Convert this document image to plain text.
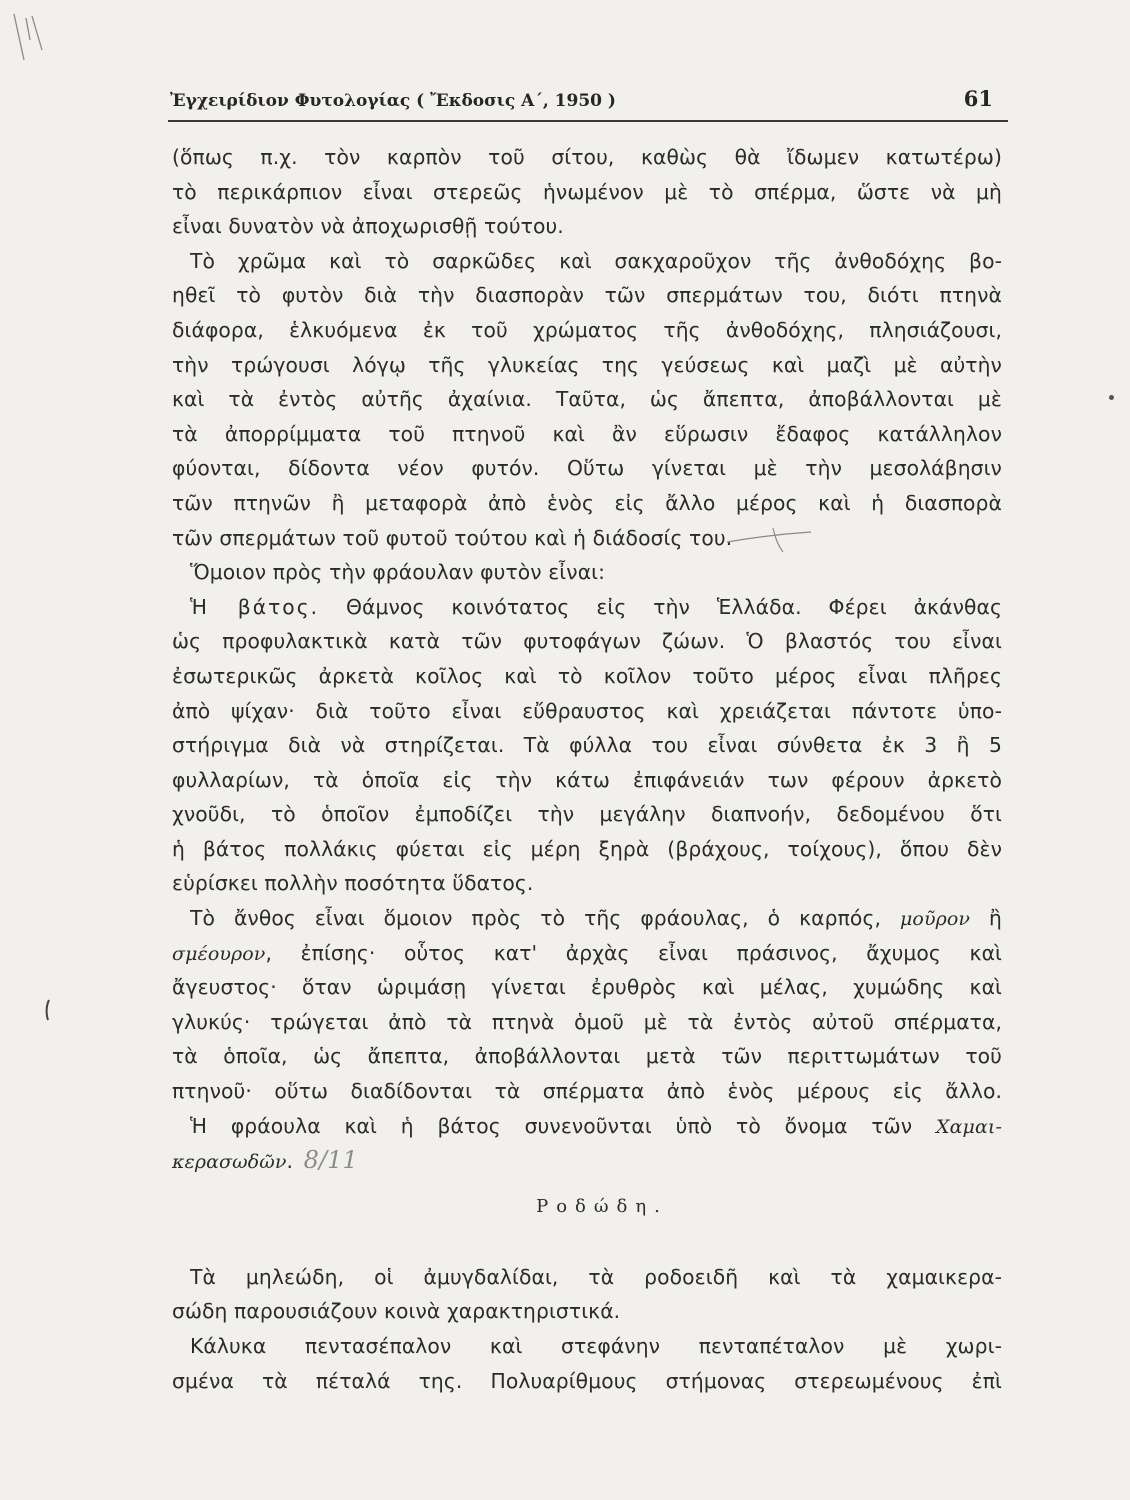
Ἐγχειρίδιον Φυτολογίας ( Ἔκδοσις Α΄, 1950 )	61
(ὅπως π.χ. τὸν καρπὸν τοῦ σίτου, καθὼς θὰ ἴδωμεν κατωτέρω)
τὸ περικάρπιον εἶναι στερεῶς ἡνωμένον μὲ τὸ σπέρμα, ὥστε νὰ μὴ
εἶναι δυνατὸν νὰ ἀποχωρισθῇ τούτου.
Τὸ χρῶμα καὶ τὸ σαρκῶδες καὶ σακχαροῦχον τῆς ἀνθοδόχης βο-
ηθεῖ τὸ φυτὸν διὰ τὴν διασπορὰν τῶν σπερμάτων του, διότι πτηνὰ
διάφορα, ἑλκυόμενα ἐκ τοῦ χρώματος τῆς ἀνθοδόχης, πλησιάζουσι,
τὴν τρώγουσι λόγῳ τῆς γλυκείας της γεύσεως καὶ μαζὶ μὲ αὐτὴν
καὶ τὰ ἐντὸς αὐτῆς ἀχαίνια. Ταῦτα, ὡς ἄπεπτα, ἀποβάλλονται μὲ
τὰ ἀπορρίμματα τοῦ πτηνοῦ καὶ ἂν εὕρωσιν ἔδαφος κατάλληλον
φύονται, δίδοντα νέον φυτόν. Οὕτω γίνεται μὲ τὴν μεσολάβησιν
τῶν πτηνῶν ἢ μεταφορὰ ἀπὸ ἑνὸς εἰς ἄλλο μέρος καὶ ἡ διασπορὰ
τῶν σπερμάτων τοῦ φυτοῦ τούτου καὶ ἡ διάδοσίς του.
Ὅμοιον πρὸς τὴν φράουλαν φυτὸν εἶναι:
Ἡ βάτος. Θάμνος κοινότατος εἰς τὴν Ἑλλάδα. Φέρει ἀκάνθας
ὡς προφυλακτικὰ κατὰ τῶν φυτοφάγων ζώων. Ὁ βλαστός του εἶναι
ἐσωτερικῶς ἀρκετὰ κοῖλος καὶ τὸ κοῖλον τοῦτο μέρος εἶναι πλῆρες
ἀπὸ ψίχαν· διὰ τοῦτο εἶναι εὔθραυστος καὶ χρειάζεται πάντοτε ὑπο-
στήριγμα διὰ νὰ στηρίζεται. Τὰ φύλλα του εἶναι σύνθετα ἐκ 3 ἢ 5
φυλλαρίων, τὰ ὁποῖα εἰς τὴν κάτω ἐπιφάνειάν των φέρουν ἀρκετὸ
χνοῦδι, τὸ ὁποῖον ἐμποδίζει τὴν μεγάλην διαπνοήν, δεδομένου ὅτι
ἡ βάτος πολλάκις φύεται εἰς μέρη ξηρὰ (βράχους, τοίχους), ὅπου δὲν
εὑρίσκει πολλὴν ποσότητα ὕδατος.
Τὸ ἄνθος εἶναι ὅμοιον πρὸς τὸ τῆς φράουλας, ὁ καρπός, μοῦρον ἢ
σμέουρον, ἐπίσης· οὗτος κατ' ἀρχὰς εἶναι πράσινος, ἄχυμος καὶ
ἄγευστος· ὅταν ὡριμάσῃ γίνεται ἐρυθρὸς καὶ μέλας, χυμώδης καὶ
γλυκύς· τρώγεται ἀπὸ τὰ πτηνὰ ὁμοῦ μὲ τὰ ἐντὸς αὐτοῦ σπέρματα,
τὰ ὁποῖα, ὡς ἄπεπτα, ἀποβάλλονται μετὰ τῶν περιττωμάτων τοῦ
πτηνοῦ· οὕτω διαδίδονται τὰ σπέρματα ἀπὸ ἑνὸς μέρους εἰς ἄλλο.
Ἡ φράουλα καὶ ἡ βάτος συνενοῦνται ὑπὸ τὸ ὄνομα τῶν Χαμαι-
κερασωδῶν. 8/11
Ροδώδη.
Τὰ μηλεώδη, οἱ ἀμυγδαλίδαι, τὰ ροδοειδῆ καὶ τὰ χαμαικερα-
σώδη παρουσιάζουν κοινὰ χαρακτηριστικά.
Κάλυκα πεντασέπαλον καὶ στεφάνην πενταπέταλον μὲ χωρι-
σμένα τὰ πέταλά της. Πολυαρίθμους στήμονας στερεωμένους ἐπὶ
